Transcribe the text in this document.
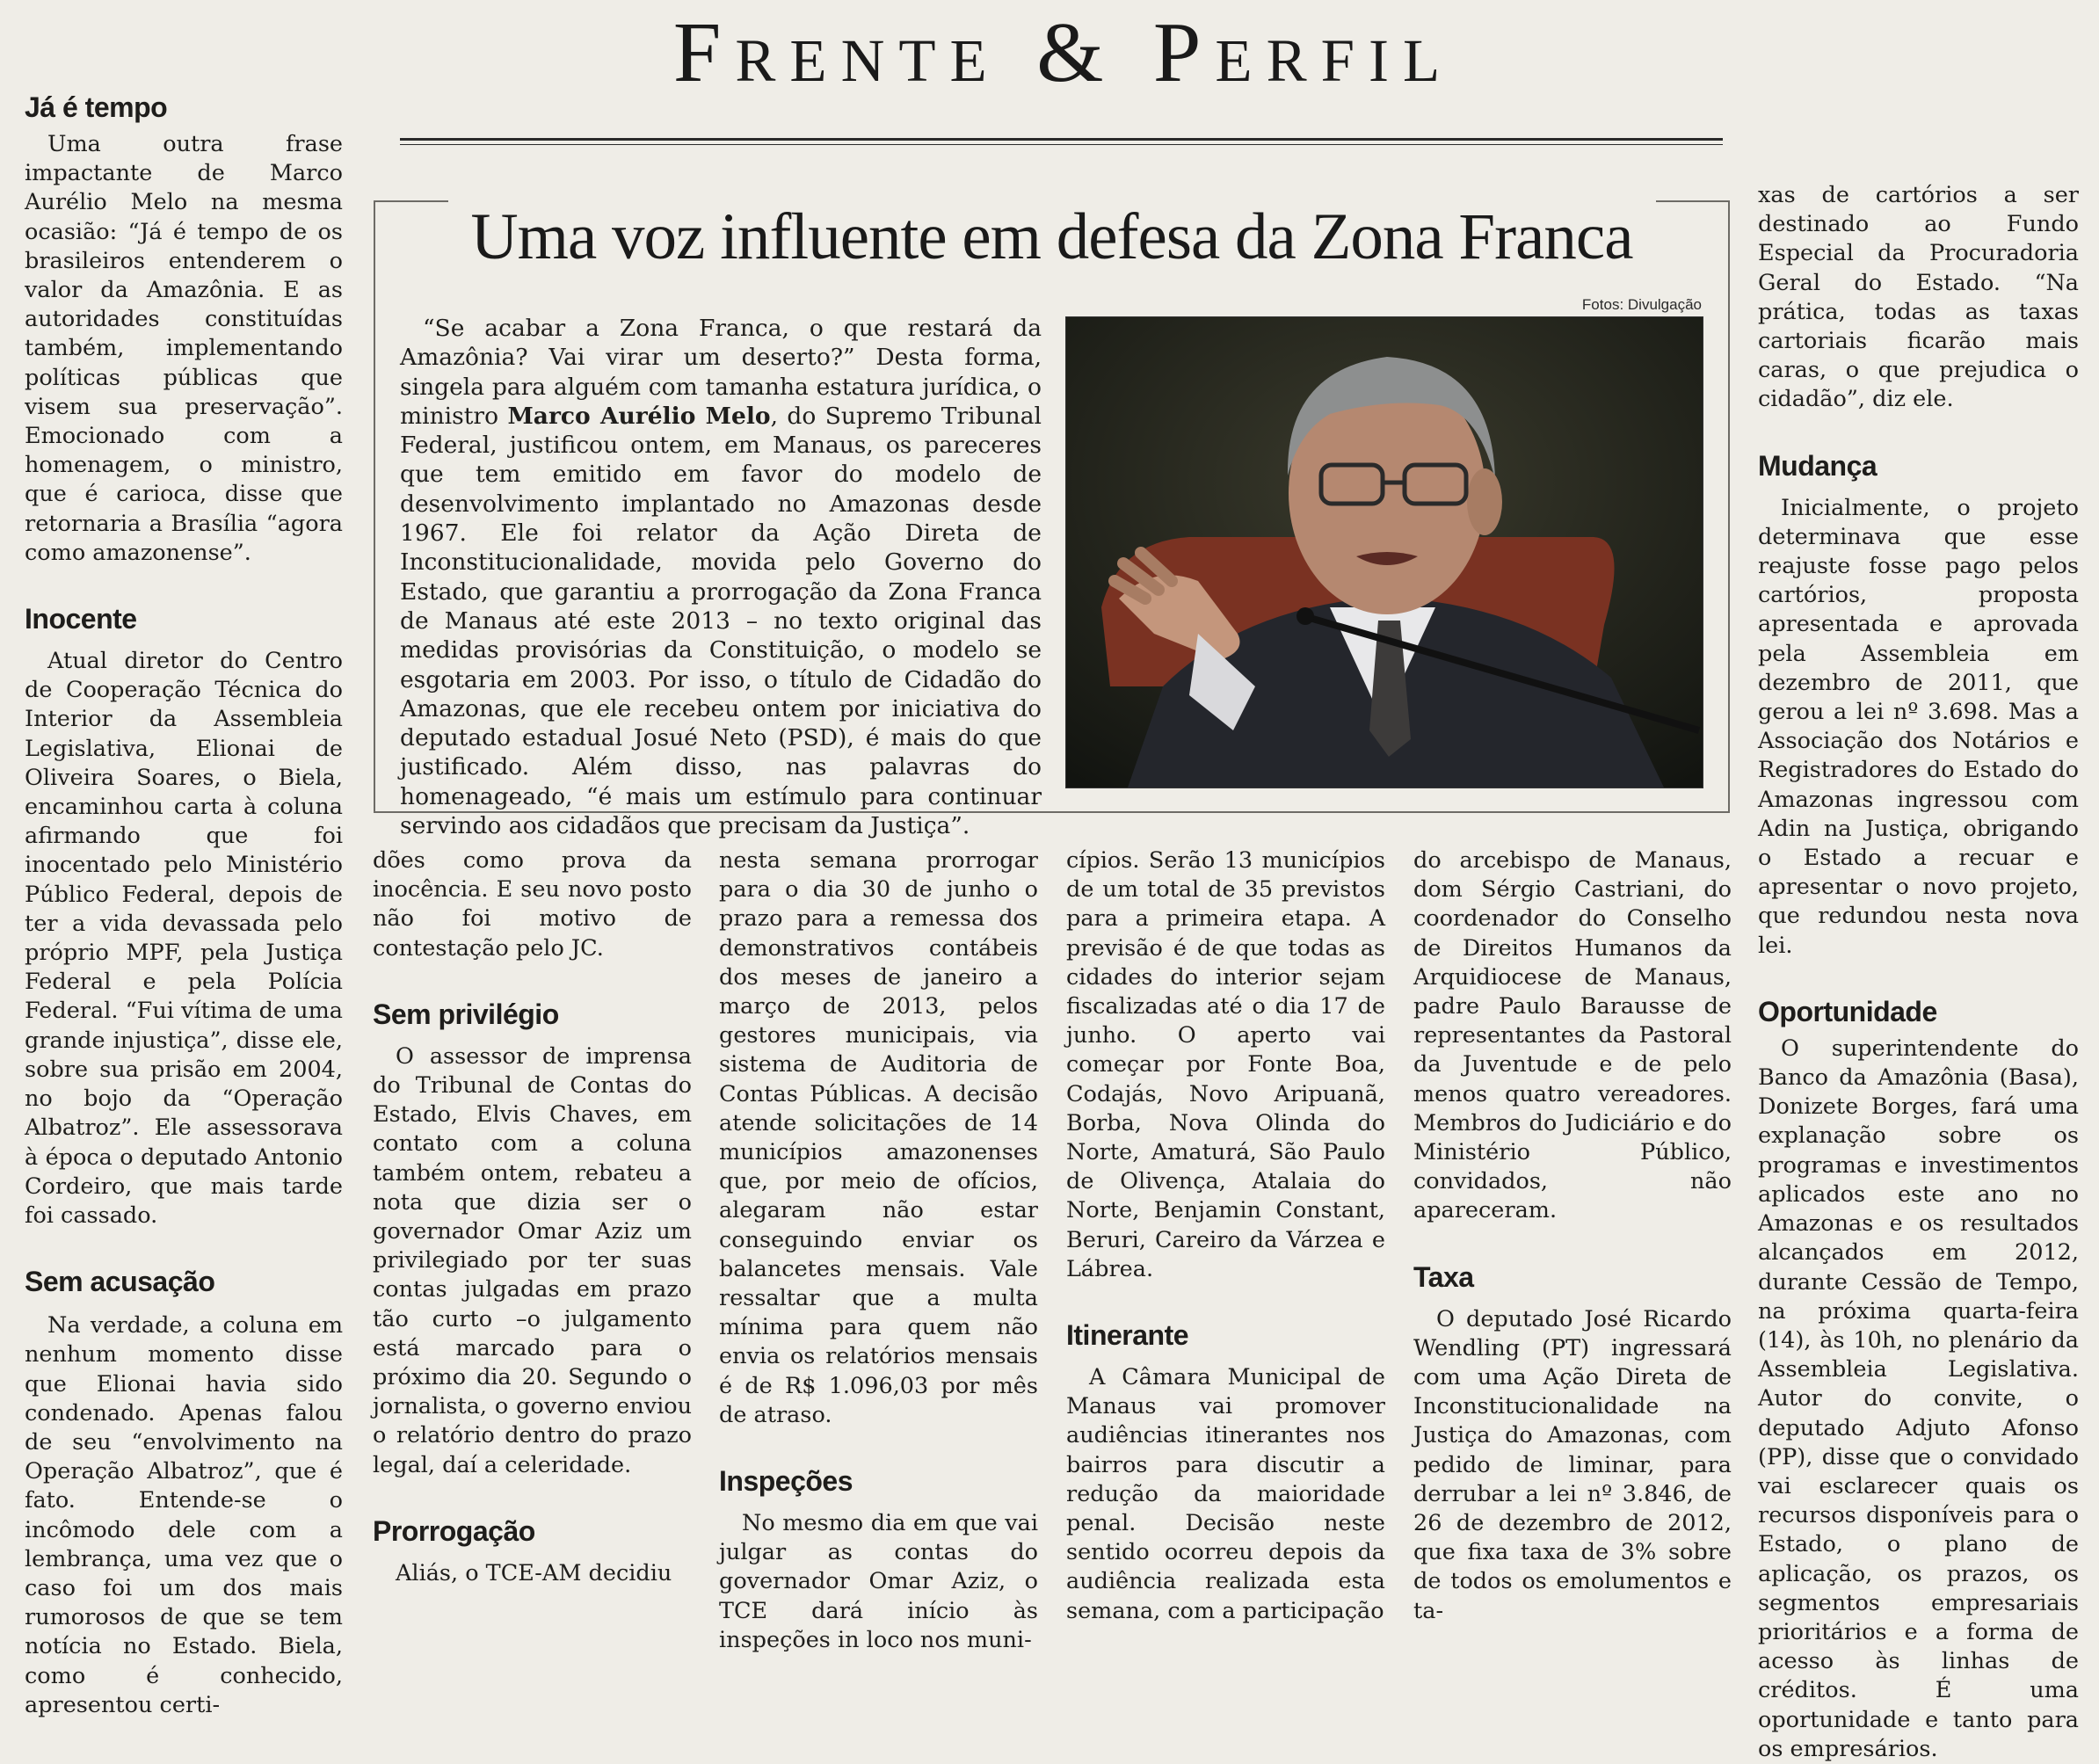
Frente & Perfil
Uma voz influente em defesa da Zona Franca
Fotos: Divulgação

“Se acabar a Zona Franca, o que restará da Amazônia? Vai virar um deserto?” Desta forma, singela para alguém com tamanha estatura jurídica, o ministro Marco Aurélio Melo, do Supremo Tribunal Federal, justificou ontem, em Manaus, os pareceres que tem emitido em favor do modelo de desenvolvimento implantado no Amazonas desde 1967. Ele foi relator da Ação Direta de Inconstitucionalidade, movida pelo Governo do Estado, que garantiu a prorrogação da Zona Franca de Manaus até este 2013 – no texto original das medidas provisórias da Constituição, o modelo se esgotaria em 2003. Por isso, o título de Cidadão do Amazonas, que ele recebeu ontem por iniciativa do deputado estadual Josué Neto (PSD), é mais do que justificado. Além disso, nas palavras do homenageado, “é mais um estímulo para continuar servindo aos cidadãos que precisam da Justiça”.

Já é tempo

Uma outra frase impactante de Marco Aurélio Melo na mesma ocasião: “Já é tempo de os brasileiros entenderem o valor da Amazônia. E as autoridades constituídas também, implementando políticas públicas que visem sua preservação”. Emocionado com a homenagem, o ministro, que é carioca, disse que retornaria a Brasília “agora como amazonense”.

Inocente

Atual diretor do Centro de Cooperação Técnica do Interior da Assembleia Legislativa, Elionai de Oliveira Soares, o Biela, encaminhou carta à coluna afirmando que foi inocentado pelo Ministério Público Federal, depois de ter a vida devassada pelo próprio MPF, pela Justiça Federal e pela Polícia Federal. “Fui vítima de uma grande injustiça”, disse ele, sobre sua prisão em 2004, no bojo da “Operação Albatroz”. Ele assessorava à época o deputado Antonio Cordeiro, que mais tarde foi cassado.

Sem acusação

Na verdade, a coluna em nenhum momento disse que Elionai havia sido condenado. Apenas falou de seu “envolvimento na Operação Albatroz”, que é fato. Entende-se o incômodo dele com a lembrança, uma vez que o caso foi um dos mais rumorosos de que se tem notícia no Estado. Biela, como é conhecido, apresentou certi-

dões como prova da inocência. E seu novo posto não foi motivo de contestação pelo JC.

Sem privilégio

O assessor de imprensa do Tribunal de Contas do Estado, Elvis Chaves, em contato com a coluna também ontem, rebateu a nota que dizia ser o governador Omar Aziz um privilegiado por ter suas contas julgadas em prazo tão curto –o julgamento está marcado para o próximo dia 20. Segundo o jornalista, o governo enviou o relatório dentro do prazo legal, daí a celeridade.

Prorrogação

Aliás, o TCE-AM decidiu

nesta semana prorrogar para o dia 30 de junho o prazo para a remessa dos demonstrativos contábeis dos meses de janeiro a março de 2013, pelos gestores municipais, via sistema de Auditoria de Contas Públicas. A decisão atende solicitações de 14 municípios amazonenses que, por meio de ofícios, alegaram não estar conseguindo enviar os balancetes mensais. Vale ressaltar que a multa mínima para quem não envia os relatórios mensais é de R$ 1.096,03 por mês de atraso.

Inspeções

No mesmo dia em que vai julgar as contas do governador Omar Aziz, o TCE dará início às inspeções in loco nos muni-

cípios. Serão 13 municípios de um total de 35 previstos para a primeira etapa. A previsão é de que todas as cidades do interior sejam fiscalizadas até o dia 17 de junho. O aperto vai começar por Fonte Boa, Codajás, Novo Aripuanã, Borba, Nova Olinda do Norte, Amaturá, São Paulo de Olivença, Atalaia do Norte, Benjamin Constant, Beruri, Careiro da Várzea e Lábrea.

Itinerante

A Câmara Municipal de Manaus vai promover audiências itinerantes nos bairros para discutir a redução da maioridade penal. Decisão neste sentido ocorreu depois da audiência realizada esta semana, com a participação

do arcebispo de Manaus, dom Sérgio Castriani, do coordenador do Conselho de Direitos Humanos da Arquidiocese de Manaus, padre Paulo Barausse de representantes da Pastoral da Juventude e de pelo menos quatro vereadores. Membros do Judiciário e do Ministério Público, convidados, não apareceram.

Taxa

O deputado José Ricardo Wendling (PT) ingressará com uma Ação Direta de Inconstitucionalidade na Justiça do Amazonas, com pedido de liminar, para derrubar a lei nº 3.846, de 26 de dezembro de 2012, que fixa taxa de 3% sobre de todos os emolumentos e ta-

xas de cartórios a ser destinado ao Fundo Especial da Procuradoria Geral do Estado. “Na prática, todas as taxas cartoriais ficarão mais caras, o que prejudica o cidadão”, diz ele.

Mudança

Inicialmente, o projeto determinava que esse reajuste fosse pago pelos cartórios, proposta apresentada e aprovada pela Assembleia em dezembro de 2011, que gerou a lei nº 3.698. Mas a Associação dos Notários e Registradores do Estado do Amazonas ingressou com Adin na Justiça, obrigando o Estado a recuar e apresentar o novo projeto, que redundou nesta nova lei.

Oportunidade

O superintendente do Banco da Amazônia (Basa), Donizete Borges, fará uma explanação sobre os programas e investimentos aplicados este ano no Amazonas e os resultados alcançados em 2012, durante Cessão de Tempo, na próxima quarta-feira (14), às 10h, no plenário da Assembleia Legislativa. Autor do convite, o deputado Adjuto Afonso (PP), disse que o convidado vai esclarecer quais os recursos disponíveis para o Estado, o plano de aplicação, os prazos, os segmentos empresariais prioritários e a forma de acesso às linhas de créditos. É uma oportunidade e tanto para os empresários.
